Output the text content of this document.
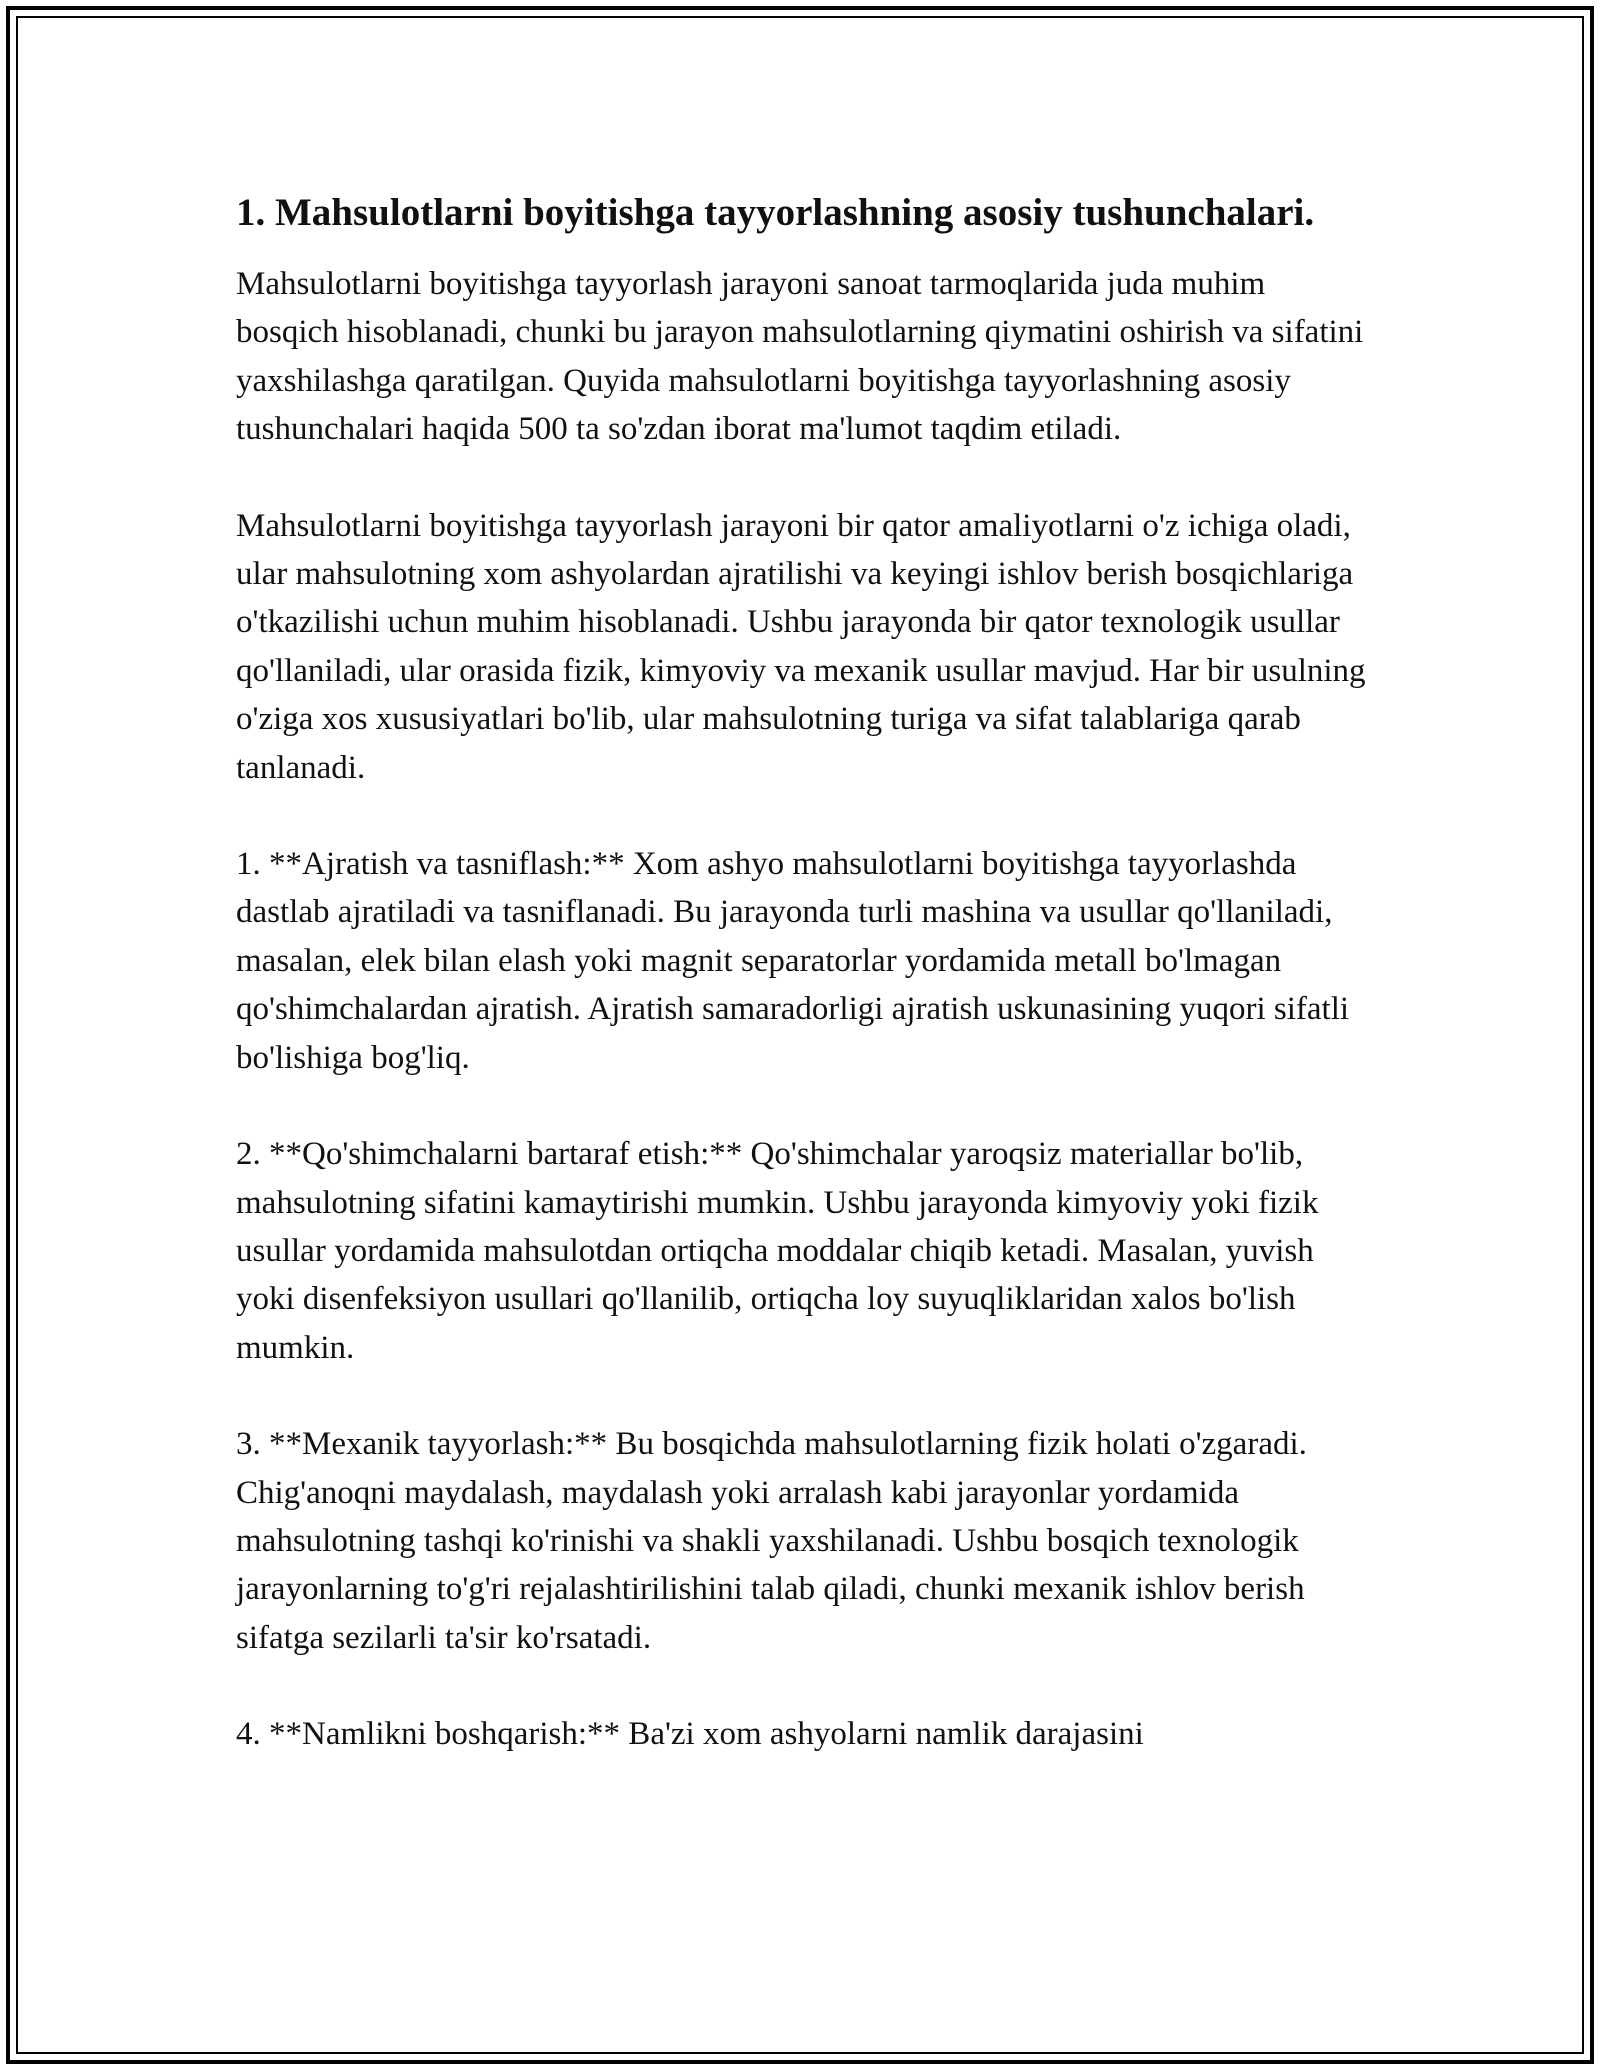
1. Mahsulotlarni boyitishga tayyorlashning asosiy tushunchalari.

Mahsulotlarni boyitishga tayyorlash jarayoni sanoat tarmoqlarida juda muhim bosqich hisoblanadi, chunki bu jarayon mahsulotlarning qiymatini oshirish va sifatini yaxshilashga qaratilgan. Quyida mahsulotlarni boyitishga tayyorlashning asosiy tushunchalari haqida 500 ta so'zdan iborat ma'lumot taqdim etiladi.

Mahsulotlarni boyitishga tayyorlash jarayoni bir qator amaliyotlarni o'z ichiga oladi, ular mahsulotning xom ashyolardan ajratilishi va keyingi ishlov berish bosqichlariga o'tkazilishi uchun muhim hisoblanadi. Ushbu jarayonda bir qator texnologik usullar qo'llaniladi, ular orasida fizik, kimyoviy va mexanik usullar mavjud. Har bir usulning o'ziga xos xususiyatlari bo'lib, ular mahsulotning turiga va sifat talablariga qarab tanlanadi.

1. **Ajratish va tasniflash:** Xom ashyo mahsulotlarni boyitishga tayyorlashda dastlab ajratiladi va tasniflanadi. Bu jarayonda turli mashina va usullar qo'llaniladi, masalan, elek bilan elash yoki magnit separatorlar yordamida metall bo'lmagan qo'shimchalardan ajratish. Ajratish samaradorligi ajratish uskunasining yuqori sifatli bo'lishiga bog'liq.

2. **Qo'shimchalarni bartaraf etish:** Qo'shimchalar yaroqsiz materiallar bo'lib, mahsulotning sifatini kamaytirishi mumkin. Ushbu jarayonda kimyoviy yoki fizik usullar yordamida mahsulotdan ortiqcha moddalar chiqib ketadi. Masalan, yuvish yoki disenfeksiyon usullari qo'llanilib, ortiqcha loy suyuqliklaridan xalos bo'lish mumkin.

3. **Mexanik tayyorlash:** Bu bosqichda mahsulotlarning fizik holati o'zgaradi. Chig'anoqni maydalash, maydalash yoki arralash kabi jarayonlar yordamida mahsulotning tashqi ko'rinishi va shakli yaxshilanadi. Ushbu bosqich texnologik jarayonlarning to'g'ri rejalashtirilishini talab qiladi, chunki mexanik ishlov berish sifatga sezilarli ta'sir ko'rsatadi.

4. **Namlikni boshqarish:** Ba'zi xom ashyolarni namlik darajasini
